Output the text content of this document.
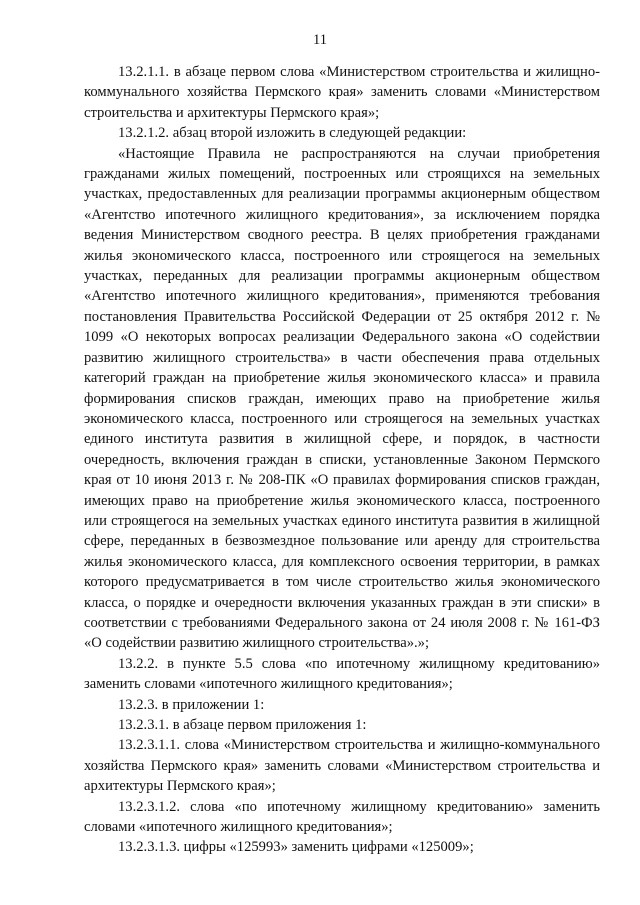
11

13.2.1.1. в абзаце первом слова «Министерством строительства и жилищно-коммунального хозяйства Пермского края» заменить словами «Министерством строительства и архитектуры Пермского края»;

13.2.1.2. абзац второй изложить в следующей редакции:

«Настоящие Правила не распространяются на случаи приобретения гражданами жилых помещений, построенных или строящихся на земельных участках, предоставленных для реализации программы акционерным обществом «Агентство ипотечного жилищного кредитования», за исключением порядка ведения Министерством сводного реестра. В целях приобретения гражданами жилья экономического класса, построенного или строящегося на земельных участках, переданных для реализации программы акционерным обществом «Агентство ипотечного жилищного кредитования», применяются требования постановления Правительства Российской Федерации от 25 октября 2012 г. № 1099 «О некоторых вопросах реализации Федерального закона «О содействии развитию жилищного строительства» в части обеспечения права отдельных категорий граждан на приобретение жилья экономического класса» и правила формирования списков граждан, имеющих право на приобретение жилья экономического класса, построенного или строящегося на земельных участках единого института развития в жилищной сфере, и порядок, в частности очередность, включения граждан в списки, установленные Законом Пермского края от 10 июня 2013 г. № 208-ПК «О правилах формирования списков граждан, имеющих право на приобретение жилья экономического класса, построенного или строящегося на земельных участках единого института развития в жилищной сфере, переданных в безвозмездное пользование или аренду для строительства жилья экономического класса, для комплексного освоения территории, в рамках которого предусматривается в том числе строительство жилья экономического класса, о порядке и очередности включения указанных граждан в эти списки» в соответствии с требованиями Федерального закона от 24 июля 2008 г. № 161-ФЗ «О содействии развитию жилищного строительства».»;

13.2.2. в пункте 5.5 слова «по ипотечному жилищному кредитованию» заменить словами «ипотечного жилищного кредитования»;

13.2.3. в приложении 1:

13.2.3.1. в абзаце первом приложения 1:

13.2.3.1.1. слова «Министерством строительства и жилищно-коммунального хозяйства Пермского края» заменить словами «Министерством строительства и архитектуры Пермского края»;

13.2.3.1.2. слова «по ипотечному жилищному кредитованию» заменить словами «ипотечного жилищного кредитования»;

13.2.3.1.3. цифры «125993» заменить цифрами «125009»;
